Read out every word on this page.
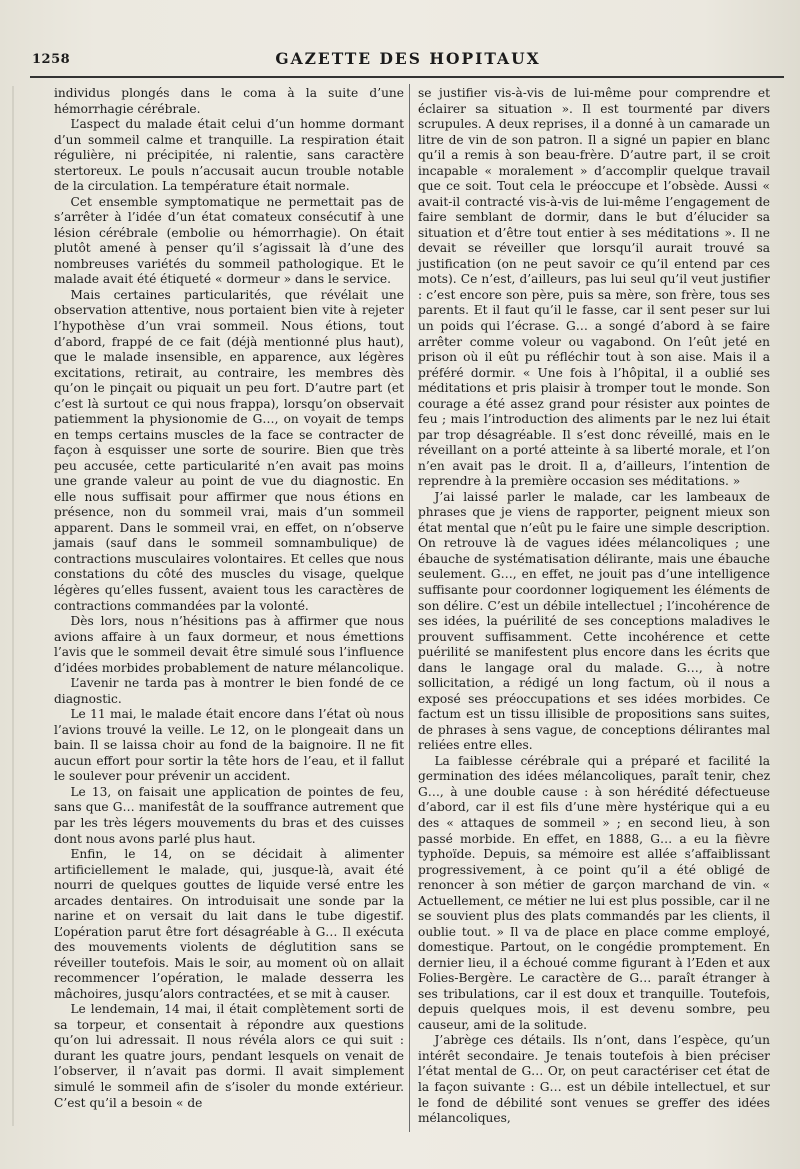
1258	GAZETTE DES HOPITAUX

individus plongés dans le coma à la suite d’une hémorrhagie cérébrale.

L’aspect du malade était celui d’un homme dormant d’un sommeil calme et tranquille. La respiration était régulière, ni précipitée, ni ralentie, sans caractère stertoreux. Le pouls n’accusait aucun trouble notable de la circulation. La température était normale.

Cet ensemble symptomatique ne permettait pas de s’arrêter à l’idée d’un état comateux consécutif à une lésion cérébrale (embolie ou hémorrhagie). On était plutôt amené à penser qu’il s’agissait là d’une des nombreuses variétés du sommeil pathologique. Et le malade avait été étiqueté « dormeur » dans le service.

Mais certaines particularités, que révélait une observation attentive, nous portaient bien vite à rejeter l’hypothèse d’un vrai sommeil. Nous étions, tout d’abord, frappé de ce fait (déjà mentionné plus haut), que le malade insensible, en apparence, aux légères excitations, retirait, au contraire, les membres dès qu’on le pinçait ou piquait un peu fort. D’autre part (et c’est là surtout ce qui nous frappa), lorsqu’on observait patiemment la physionomie de G…, on voyait de temps en temps certains muscles de la face se contracter de façon à esquisser une sorte de sourire. Bien que très peu accusée, cette particularité n’en avait pas moins une grande valeur au point de vue du diagnostic. En elle nous suffisait pour affirmer que nous étions en présence, non du sommeil vrai, mais d’un sommeil apparent. Dans le sommeil vrai, en effet, on n’observe jamais (sauf dans le sommeil somnambulique) de contractions musculaires volontaires. Et celles que nous constations du côté des muscles du visage, quelque légères qu’elles fussent, avaient tous les caractères de contractions commandées par la volonté.

Dès lors, nous n’hésitions pas à affirmer que nous avions affaire à un faux dormeur, et nous émettions l’avis que le sommeil devait être simulé sous l’influence d’idées morbides probablement de nature mélancolique.

L’avenir ne tarda pas à montrer le bien fondé de ce diagnostic.

Le 11 mai, le malade était encore dans l’état où nous l’avions trouvé la veille. Le 12, on le plongeait dans un bain. Il se laissa choir au fond de la baignoire. Il ne fit aucun effort pour sortir la tête hors de l’eau, et il fallut le soulever pour prévenir un accident.

Le 13, on faisait une application de pointes de feu, sans que G… manifestât de la souffrance autrement que par les très légers mouvements du bras et des cuisses dont nous avons parlé plus haut.

Enfin, le 14, on se décidait à alimenter artificiellement le malade, qui, jusque-là, avait été nourri de quelques gouttes de liquide versé entre les arcades dentaires. On introduisait une sonde par la narine et on versait du lait dans le tube digestif. L’opération parut être fort désagréable à G… Il exécuta des mouvements violents de déglutition sans se réveiller toutefois. Mais le soir, au moment où on allait recommencer l’opération, le malade desserra les mâchoires, jusqu’alors contractées, et se mit à causer.

Le lendemain, 14 mai, il était complètement sorti de sa torpeur, et consentait à répondre aux questions qu’on lui adressait. Il nous révéla alors ce qui suit : durant les quatre jours, pendant lesquels on venait de l’observer, il n’avait pas dormi. Il avait simplement simulé le sommeil afin de s’isoler du monde extérieur. C’est qu’il a besoin « de

se justifier vis-à-vis de lui-même pour comprendre et éclairer sa situation ». Il est tourmenté par divers scrupules. A deux reprises, il a donné à un camarade un litre de vin de son patron. Il a signé un papier en blanc qu’il a remis à son beau-frère. D’autre part, il se croit incapable « moralement » d’accomplir quelque travail que ce soit. Tout cela le préoccupe et l’obsède. Aussi « avait-il contracté vis-à-vis de lui-même l’engagement de faire semblant de dormir, dans le but d’élucider sa situation et d’être tout entier à ses méditations ». Il ne devait se réveiller que lorsqu’il aurait trouvé sa justification (on ne peut savoir ce qu’il entend par ces mots). Ce n’est, d’ailleurs, pas lui seul qu’il veut justifier : c’est encore son père, puis sa mère, son frère, tous ses parents. Et il faut qu’il le fasse, car il sent peser sur lui un poids qui l’écrase. G… a songé d’abord à se faire arrêter comme voleur ou vagabond. On l’eût jeté en prison où il eût pu réfléchir tout à son aise. Mais il a préféré dormir. « Une fois à l’hôpital, il a oublié ses méditations et pris plaisir à tromper tout le monde. Son courage a été assez grand pour résister aux pointes de feu ; mais l’introduction des aliments par le nez lui était par trop désagréable. Il s’est donc réveillé, mais en le réveillant on a porté atteinte à sa liberté morale, et l’on n’en avait pas le droit. Il a, d’ailleurs, l’intention de reprendre à la première occasion ses méditations. »

J’ai laissé parler le malade, car les lambeaux de phrases que je viens de rapporter, peignent mieux son état mental que n’eût pu le faire une simple description. On retrouve là de vagues idées mélancoliques ; une ébauche de systématisation délirante, mais une ébauche seulement. G…, en effet, ne jouit pas d’une intelligence suffisante pour coordonner logiquement les éléments de son délire. C’est un débile intellectuel ; l’incohérence de ses idées, la puérilité de ses conceptions maladives le prouvent suffisamment. Cette incohérence et cette puérilité se manifestent plus encore dans les écrits que dans le langage oral du malade. G…, à notre sollicitation, a rédigé un long factum, où il nous a exposé ses préoccupations et ses idées morbides. Ce factum est un tissu illisible de propositions sans suites, de phrases à sens vague, de conceptions délirantes mal reliées entre elles.

La faiblesse cérébrale qui a préparé et facilité la germination des idées mélancoliques, paraît tenir, chez G…, à une double cause : à son hérédité défectueuse d’abord, car il est fils d’une mère hystérique qui a eu des « attaques de sommeil » ; en second lieu, à son passé morbide. En effet, en 1888, G… a eu la fièvre typhoïde. Depuis, sa mémoire est allée s’affaiblissant progressivement, à ce point qu’il a été obligé de renoncer à son métier de garçon marchand de vin. « Actuellement, ce métier ne lui est plus possible, car il ne se souvient plus des plats commandés par les clients, il oublie tout. » Il va de place en place comme employé, domestique. Partout, on le congédie promptement. En dernier lieu, il a échoué comme figurant à l’Eden et aux Folies-Bergère. Le caractère de G… paraît étranger à ses tribulations, car il est doux et tranquille. Toutefois, depuis quelques mois, il est devenu sombre, peu causeur, ami de la solitude.

J’abrège ces détails. Ils n’ont, dans l’espèce, qu’un intérêt secondaire. Je tenais toutefois à bien préciser l’état mental de G… Or, on peut caractériser cet état de la façon suivante : G… est un débile intellectuel, et sur le fond de débilité sont venues se greffer des idées mélancoliques,
